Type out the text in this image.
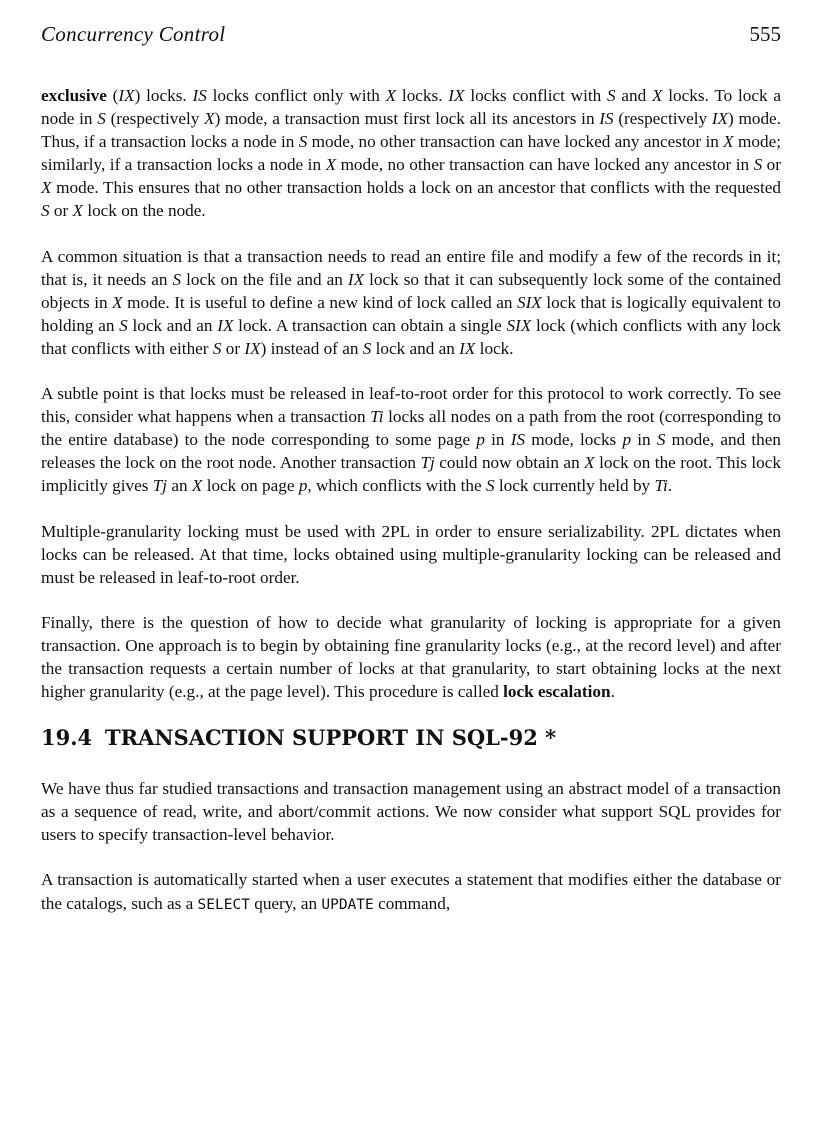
Concurrency Control	555

exclusive (IX) locks. IS locks conflict only with X locks. IX locks conflict with S and X locks. To lock a node in S (respectively X) mode, a transaction must first lock all its ancestors in IS (respectively IX) mode. Thus, if a transaction locks a node in S mode, no other transaction can have locked any ancestor in X mode; similarly, if a transaction locks a node in X mode, no other transaction can have locked any ancestor in S or X mode. This ensures that no other transaction holds a lock on an ancestor that conflicts with the requested S or X lock on the node.

A common situation is that a transaction needs to read an entire file and modify a few of the records in it; that is, it needs an S lock on the file and an IX lock so that it can subsequently lock some of the contained objects in X mode. It is useful to define a new kind of lock called an SIX lock that is logically equivalent to holding an S lock and an IX lock. A transaction can obtain a single SIX lock (which conflicts with any lock that conflicts with either S or IX) instead of an S lock and an IX lock.

A subtle point is that locks must be released in leaf-to-root order for this protocol to work correctly. To see this, consider what happens when a transaction Ti locks all nodes on a path from the root (corresponding to the entire database) to the node corresponding to some page p in IS mode, locks p in S mode, and then releases the lock on the root node. Another transaction Tj could now obtain an X lock on the root. This lock implicitly gives Tj an X lock on page p, which conflicts with the S lock currently held by Ti.

Multiple-granularity locking must be used with 2PL in order to ensure serializability. 2PL dictates when locks can be released. At that time, locks obtained using multiple-granularity locking can be released and must be released in leaf-to-root order.

Finally, there is the question of how to decide what granularity of locking is appropriate for a given transaction. One approach is to begin by obtaining fine granularity locks (e.g., at the record level) and after the transaction requests a certain number of locks at that granularity, to start obtaining locks at the next higher granularity (e.g., at the page level). This procedure is called lock escalation.

19.4 TRANSACTION SUPPORT IN SQL-92 *

We have thus far studied transactions and transaction management using an abstract model of a transaction as a sequence of read, write, and abort/commit actions. We now consider what support SQL provides for users to specify transaction-level behavior.

A transaction is automatically started when a user executes a statement that modifies either the database or the catalogs, such as a SELECT query, an UPDATE command,
